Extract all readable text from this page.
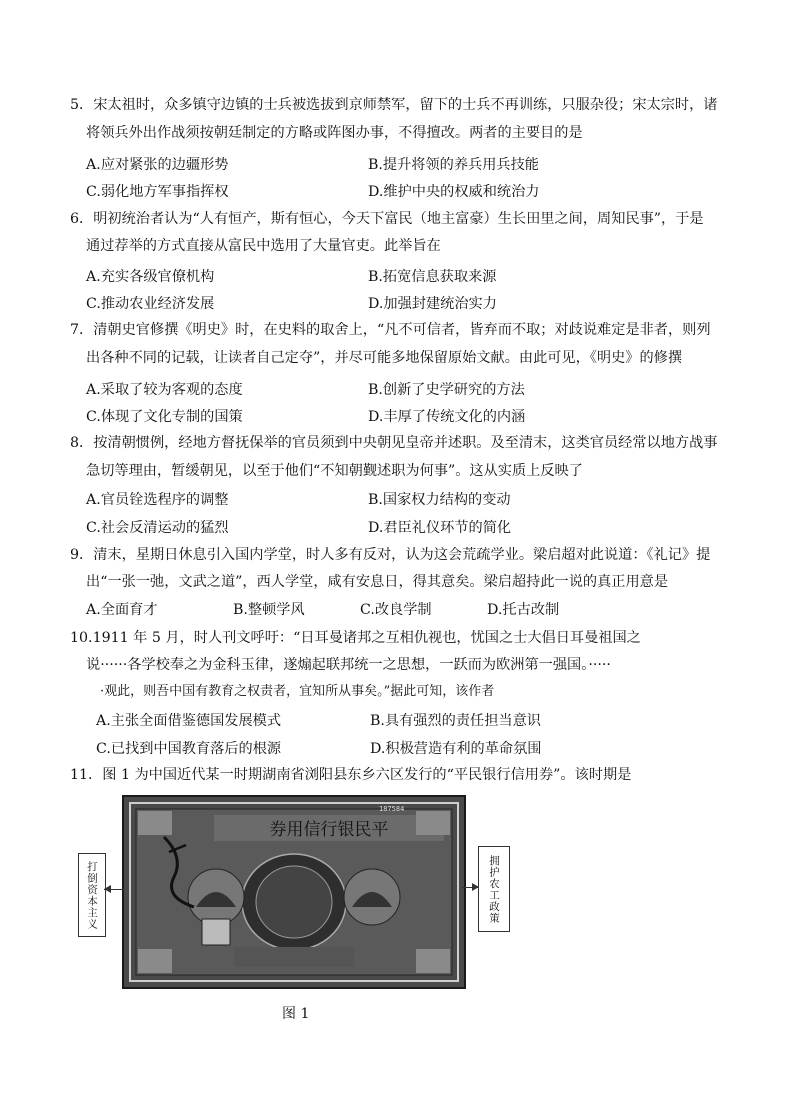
5．宋太祖时，众多镇守边镇的士兵被选拔到京师禁军，留下的士兵不再训练，只服杂役；宋太宗时，诸
将领兵外出作战须按朝廷制定的方略或阵图办事，不得擅改。两者的主要目的是
A.应对紧张的边疆形势	B.提升将领的养兵用兵技能
C.弱化地方军事指挥权	D.维护中央的权威和统治力
6．明初统治者认为“人有恒产，斯有恒心，今天下富民（地主富豪）生长田里之间，周知民事”，于是
通过荐举的方式直接从富民中选用了大量官吏。此举旨在
A.充实各级官僚机构	B.拓宽信息获取来源
C.推动农业经济发展	D.加强封建统治实力
7．清朝史官修撰《明史》时，在史料的取舍上，“凡不可信者，皆弃而不取；对歧说难定是非者，则列
出各种不同的记载，让读者自己定夺”，并尽可能多地保留原始文献。由此可见，《明史》的修撰
A.采取了较为客观的态度	B.创新了史学研究的方法
C.体现了文化专制的国策	D.丰厚了传统文化的内涵
8．按清朝惯例，经地方督抚保举的官员须到中央朝见皇帝并述职。及至清末，这类官员经常以地方战事
急切等理由，暂缓朝见，以至于他们“不知朝觐述职为何事”。这从实质上反映了
A.官员铨选程序的调整	B.国家权力结构的变动
C.社会反清运动的猛烈	D.君臣礼仪环节的简化
9．清末，星期日休息引入国内学堂，时人多有反对，认为这会荒疏学业。梁启超对此说道：《礼记》提
出“一张一弛，文武之道”，西人学堂，咸有安息日，得其意矣。梁启超持此一说的真正用意是
A.全面育才	B.整顿学风	C.改良学制	D.托古改制
10.1911 年 5 月，时人刊文呼吁：“日耳曼诸邦之互相仇视也，忧国之士大倡日耳曼祖国之
说······各学校奉之为金科玉律，遂煽起联邦统一之思想，一跃而为欧洲第一强国。·····
·观此，则吾中国有教育之权责者，宜知所从事矣。”据此可知，该作者
A.主张全面借鉴德国发展模式	B.具有强烈的责任担当意识
C.已找到中国教育落后的根源	D.积极营造有利的革命氛围
11．图 1 为中国近代某一时期湖南省浏阳县东乡六区发行的“平民银行信用券”。该时期是
券用信行银民平
187584
打倒资本主义	拥护农工政策
图 1
